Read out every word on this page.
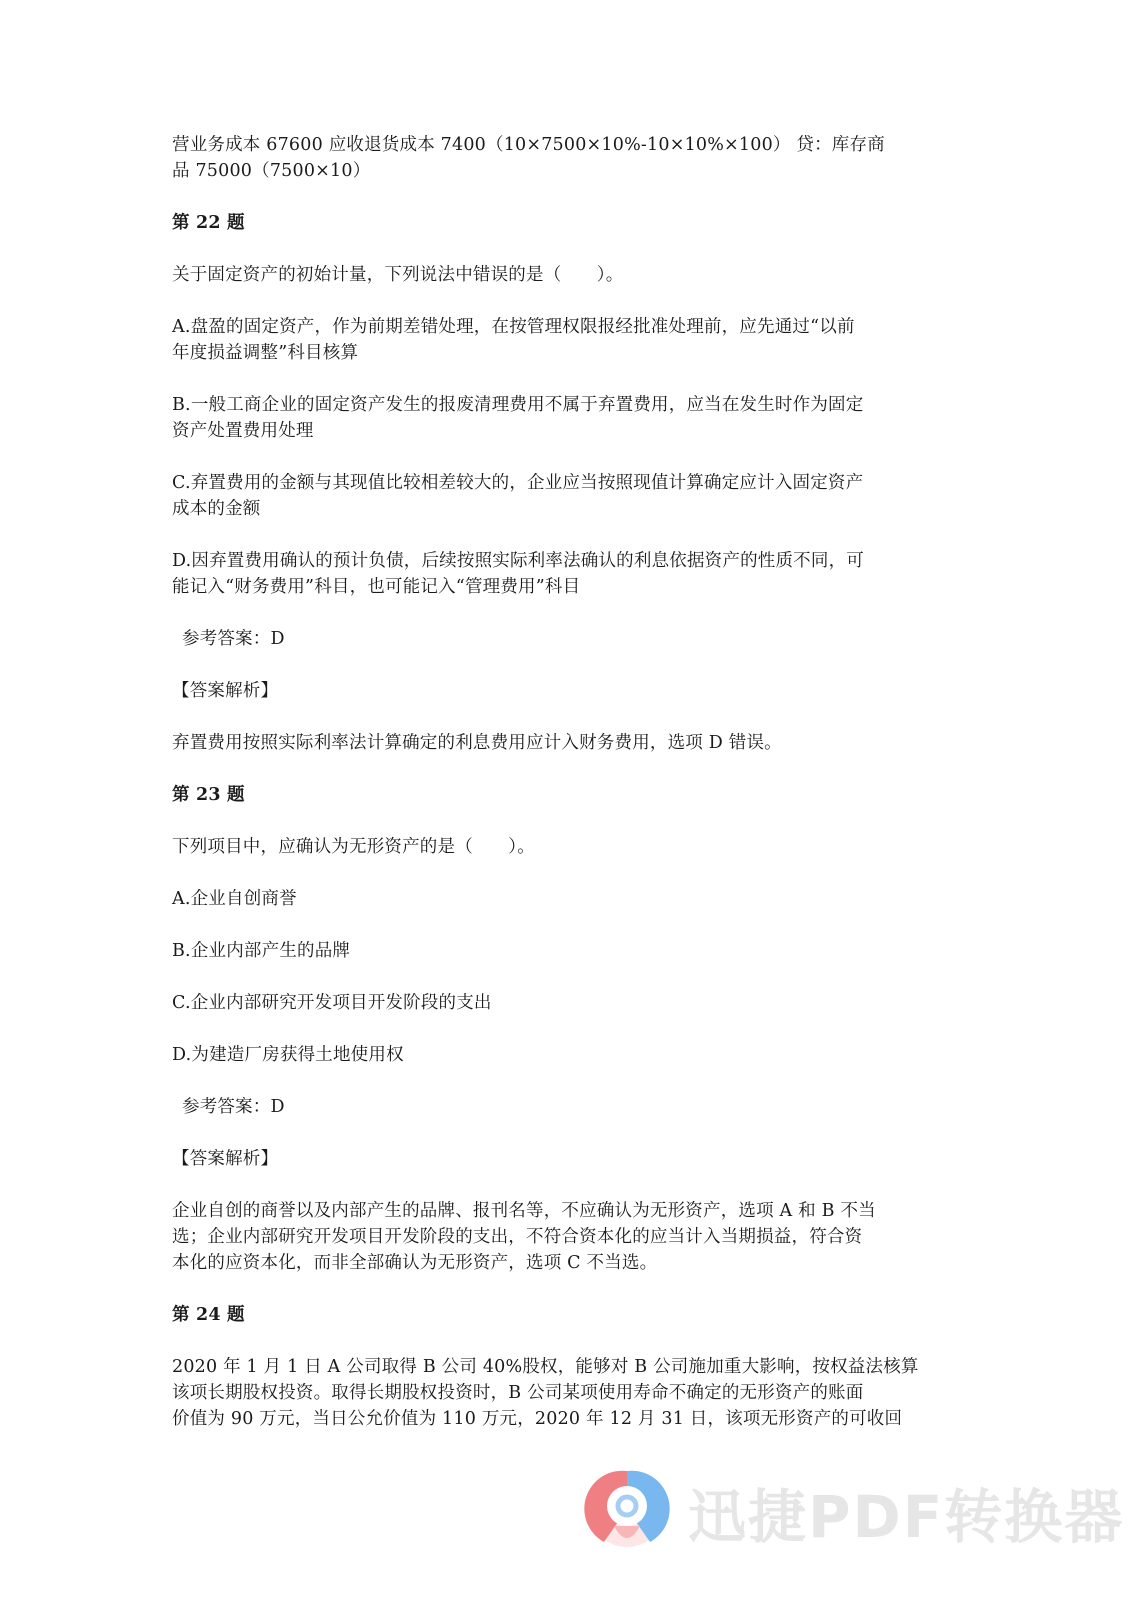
营业务成本 67600 应收退货成本 7400（10×7500×10%-10×10%×100） 贷：库存商

品 75000（7500×10）

第 22 题

关于固定资产的初始计量，下列说法中错误的是（　　）。

A.盘盈的固定资产，作为前期差错处理，在按管理权限报经批准处理前，应先通过“以前

年度损益调整”科目核算

B.一般工商企业的固定资产发生的报废清理费用不属于弃置费用，应当在发生时作为固定

资产处置费用处理

C.弃置费用的金额与其现值比较相差较大的，企业应当按照现值计算确定应计入固定资产

成本的金额

D.因弃置费用确认的预计负债，后续按照实际利率法确认的利息依据资产的性质不同，可

能记入“财务费用”科目，也可能记入“管理费用”科目

参考答案：D

【答案解析】

弃置费用按照实际利率法计算确定的利息费用应计入财务费用，选项 D 错误。

第 23 题

下列项目中，应确认为无形资产的是（　　）。

A.企业自创商誉

B.企业内部产生的品牌

C.企业内部研究开发项目开发阶段的支出

D.为建造厂房获得土地使用权

参考答案：D

【答案解析】

企业自创的商誉以及内部产生的品牌、报刊名等，不应确认为无形资产，选项 A 和 B 不当

选；企业内部研究开发项目开发阶段的支出，不符合资本化的应当计入当期损益，符合资

本化的应资本化，而非全部确认为无形资产，选项 C 不当选。

第 24 题

2020 年 1 月 1 日 A 公司取得 B 公司 40%股权，能够对 B 公司施加重大影响，按权益法核算

该项长期股权投资。取得长期股权投资时，B 公司某项使用寿命不确定的无形资产的账面

价值为 90 万元，当日公允价值为 110 万元，2020 年 12 月 31 日，该项无形资产的可收回

迅捷PDF转换器
